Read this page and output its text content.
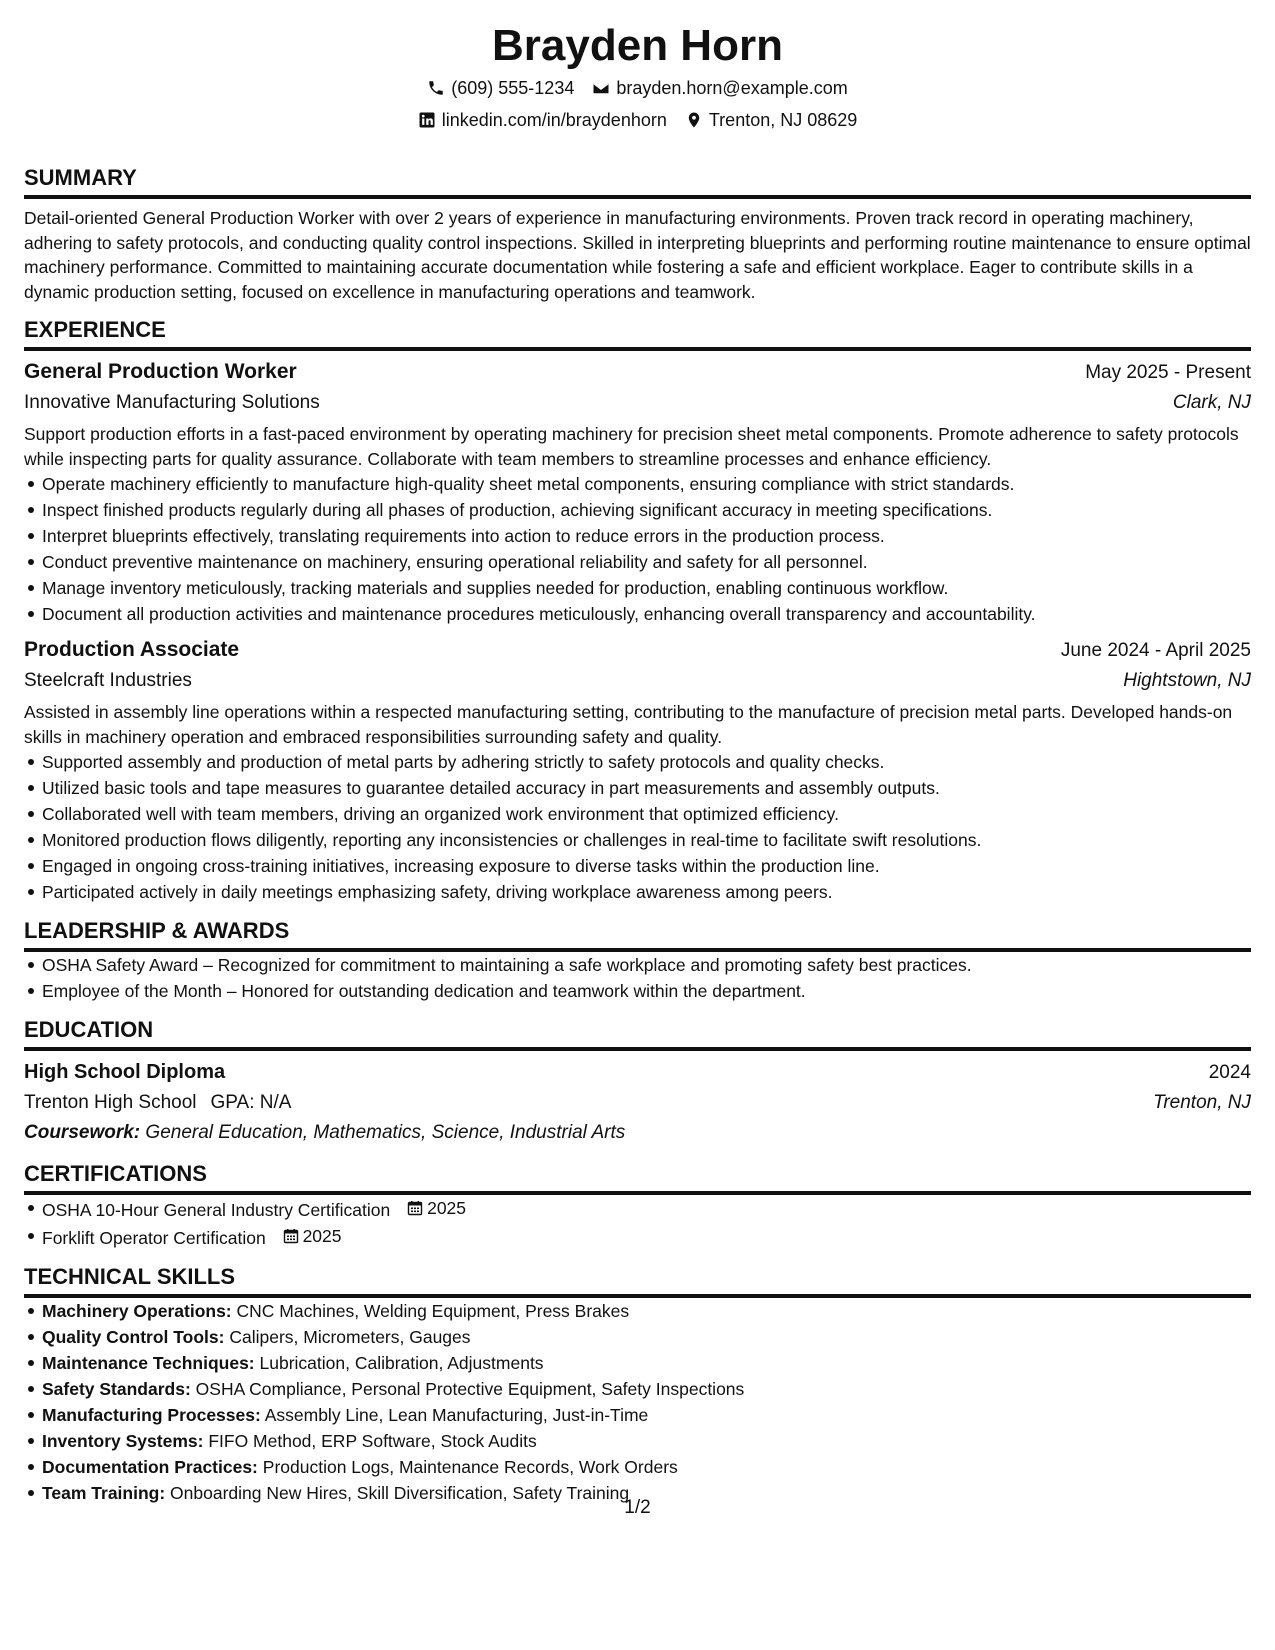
Brayden Horn
(609) 555-1234 brayden.horn@example.com
linkedin.com/in/braydenhorn Trenton, NJ 08629
SUMMARY

Detail-oriented General Production Worker with over 2 years of experience in manufacturing environments. Proven track record in operating machinery, adhering to safety protocols, and conducting quality control inspections. Skilled in interpreting blueprints and performing routine maintenance to ensure optimal machinery performance. Committed to maintaining accurate documentation while fostering a safe and efficient workplace. Eager to contribute skills in a dynamic production setting, focused on excellence in manufacturing operations and teamwork.

EXPERIENCE
General Production Worker	May 2025 - Present
Innovative Manufacturing Solutions	Clark, NJ

Support production efforts in a fast-paced environment by operating machinery for precision sheet metal components. Promote adherence to safety protocols while inspecting parts for quality assurance. Collaborate with team members to streamline processes and enhance efficiency.

Operate machinery efficiently to manufacture high-quality sheet metal components, ensuring compliance with strict standards.
Inspect finished products regularly during all phases of production, achieving significant accuracy in meeting specifications.
Interpret blueprints effectively, translating requirements into action to reduce errors in the production process.
Conduct preventive maintenance on machinery, ensuring operational reliability and safety for all personnel.
Manage inventory meticulously, tracking materials and supplies needed for production, enabling continuous workflow.
Document all production activities and maintenance procedures meticulously, enhancing overall transparency and accountability.
Production Associate	June 2024 - April 2025
Steelcraft Industries	Hightstown, NJ

Assisted in assembly line operations within a respected manufacturing setting, contributing to the manufacture of precision metal parts. Developed hands-on skills in machinery operation and embraced responsibilities surrounding safety and quality.

Supported assembly and production of metal parts by adhering strictly to safety protocols and quality checks.
Utilized basic tools and tape measures to guarantee detailed accuracy in part measurements and assembly outputs.
Collaborated well with team members, driving an organized work environment that optimized efficiency.
Monitored production flows diligently, reporting any inconsistencies or challenges in real-time to facilitate swift resolutions.
Engaged in ongoing cross-training initiatives, increasing exposure to diverse tasks within the production line.
Participated actively in daily meetings emphasizing safety, driving workplace awareness among peers.
LEADERSHIP & AWARDS
OSHA Safety Award – Recognized for commitment to maintaining a safe workplace and promoting safety best practices.
Employee of the Month – Honored for outstanding dedication and teamwork within the department.
EDUCATION
High School Diploma	2024
Trenton High School GPA: N/A	Trenton, NJ
Coursework: General Education, Mathematics, Science, Industrial Arts
CERTIFICATIONS
OSHA 10-Hour General Industry Certification 2025
Forklift Operator Certification 2025
TECHNICAL SKILLS
Machinery Operations: CNC Machines, Welding Equipment, Press Brakes
Quality Control Tools: Calipers, Micrometers, Gauges
Maintenance Techniques: Lubrication, Calibration, Adjustments
Safety Standards: OSHA Compliance, Personal Protective Equipment, Safety Inspections
Manufacturing Processes: Assembly Line, Lean Manufacturing, Just-in-Time
Inventory Systems: FIFO Method, ERP Software, Stock Audits
Documentation Practices: Production Logs, Maintenance Records, Work Orders
Team Training: Onboarding New Hires, Skill Diversification, Safety Training
1/2
